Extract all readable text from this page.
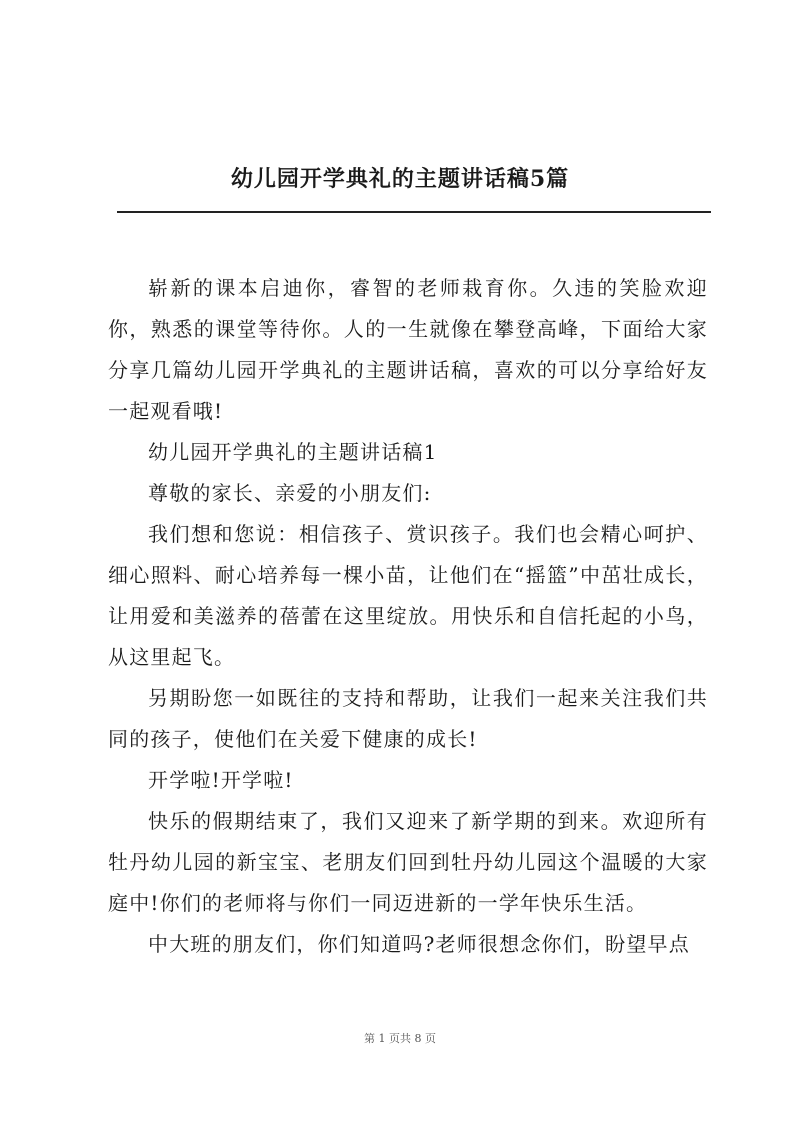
幼儿园开学典礼的主题讲话稿5篇

崭新的课本启迪你，睿智的老师栽育你。久违的笑脸欢迎你，熟悉的课堂等待你。人的一生就像在攀登高峰，下面给大家分享几篇幼儿园开学典礼的主题讲话稿，喜欢的可以分享给好友一起观看哦!

幼儿园开学典礼的主题讲话稿1

尊敬的家长、亲爱的小朋友们:

我们想和您说：相信孩子、赏识孩子。我们也会精心呵护、细心照料、耐心培养每一棵小苗，让他们在“摇篮”中茁壮成长，让用爱和美滋养的蓓蕾在这里绽放。用快乐和自信托起的小鸟，从这里起飞。

另期盼您一如既往的支持和帮助，让我们一起来关注我们共同的孩子，使他们在关爱下健康的成长!

开学啦!开学啦!

快乐的假期结束了，我们又迎来了新学期的到来。欢迎所有牡丹幼儿园的新宝宝、老朋友们回到牡丹幼儿园这个温暖的大家庭中!你们的老师将与你们一同迈进新的一学年快乐生活。

中大班的朋友们，你们知道吗?老师很想念你们，盼望早点

第 1 页共 8 页
